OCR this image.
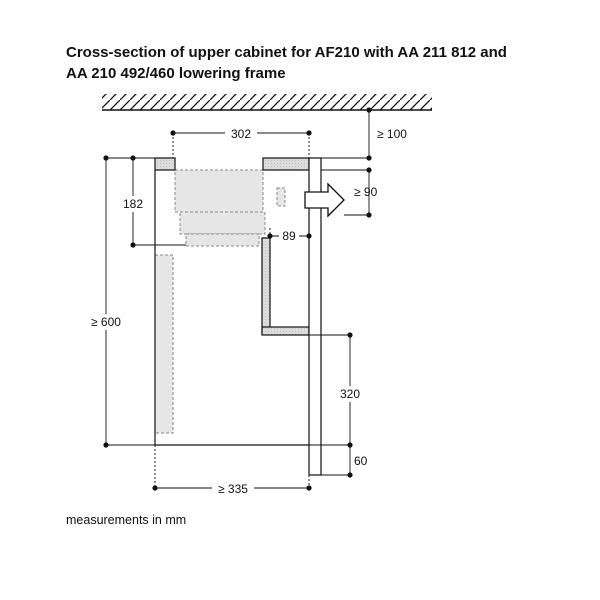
Cross-section of upper cabinet for AF210 with AA 211 812 and
AA 210 492/460 lowering frame
302	≥ 100
≥ 90
182
89
≥ 600
320
60
≥ 335
measurements in mm
